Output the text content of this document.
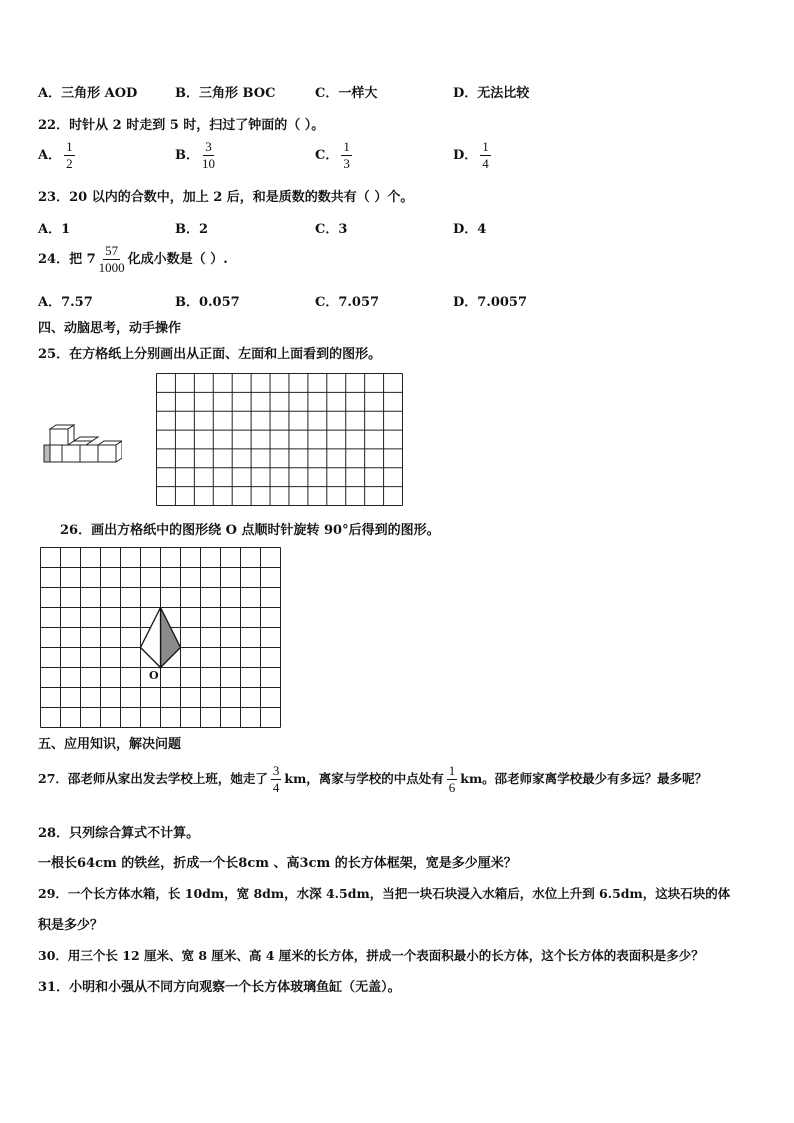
A．三角形 AOD	B．三角形 BOC	C．一样大	D．无法比较
22．时针从 2 时走到 5 时，扫过了钟面的（ ）。
A． $\frac{1}{2}$	B． $\frac{3}{10}$	C． $\frac{1}{3}$	D． $\frac{1}{4}$
23．20 以内的合数中，加上 2 后，和是质数的数共有（ ）个。
A．1	B．2	C．3	D．4
24．把 $7 \frac{57}{1000}$ 化成小数是（ ）.
A．7.57	B．0.057	C．7.057	D．7.0057
四、动脑思考，动手操作
25．在方格纸上分别画出从正面、左面和上面看到的图形。
26．画出方格纸中的图形绕 O 点顺时针旋转 90°后得到的图形。
O
五、应用知识，解决问题
27．邵老师从家出发去学校上班，她走了 $\frac{3}{4}$ km，离家与学校的中点处有 $\frac{1}{6}$ km。邵老师家离学校最少有多远？最多呢？
28．只列综合算式不计算。
一根长64cm 的铁丝，折成一个长8cm 、高3cm 的长方体框架，宽是多少厘米？
29．一个长方体水箱，长 10dm，宽 8dm，水深 4.5dm，当把一块石块浸入水箱后，水位上升到 6.5dm，这块石块的体
积是多少？
30．用三个长 12 厘米、宽 8 厘米、高 4 厘米的长方体，拼成一个表面积最小的长方体，这个长方体的表面积是多少？
31．小明和小强从不同方向观察一个长方体玻璃鱼缸（无盖）。
